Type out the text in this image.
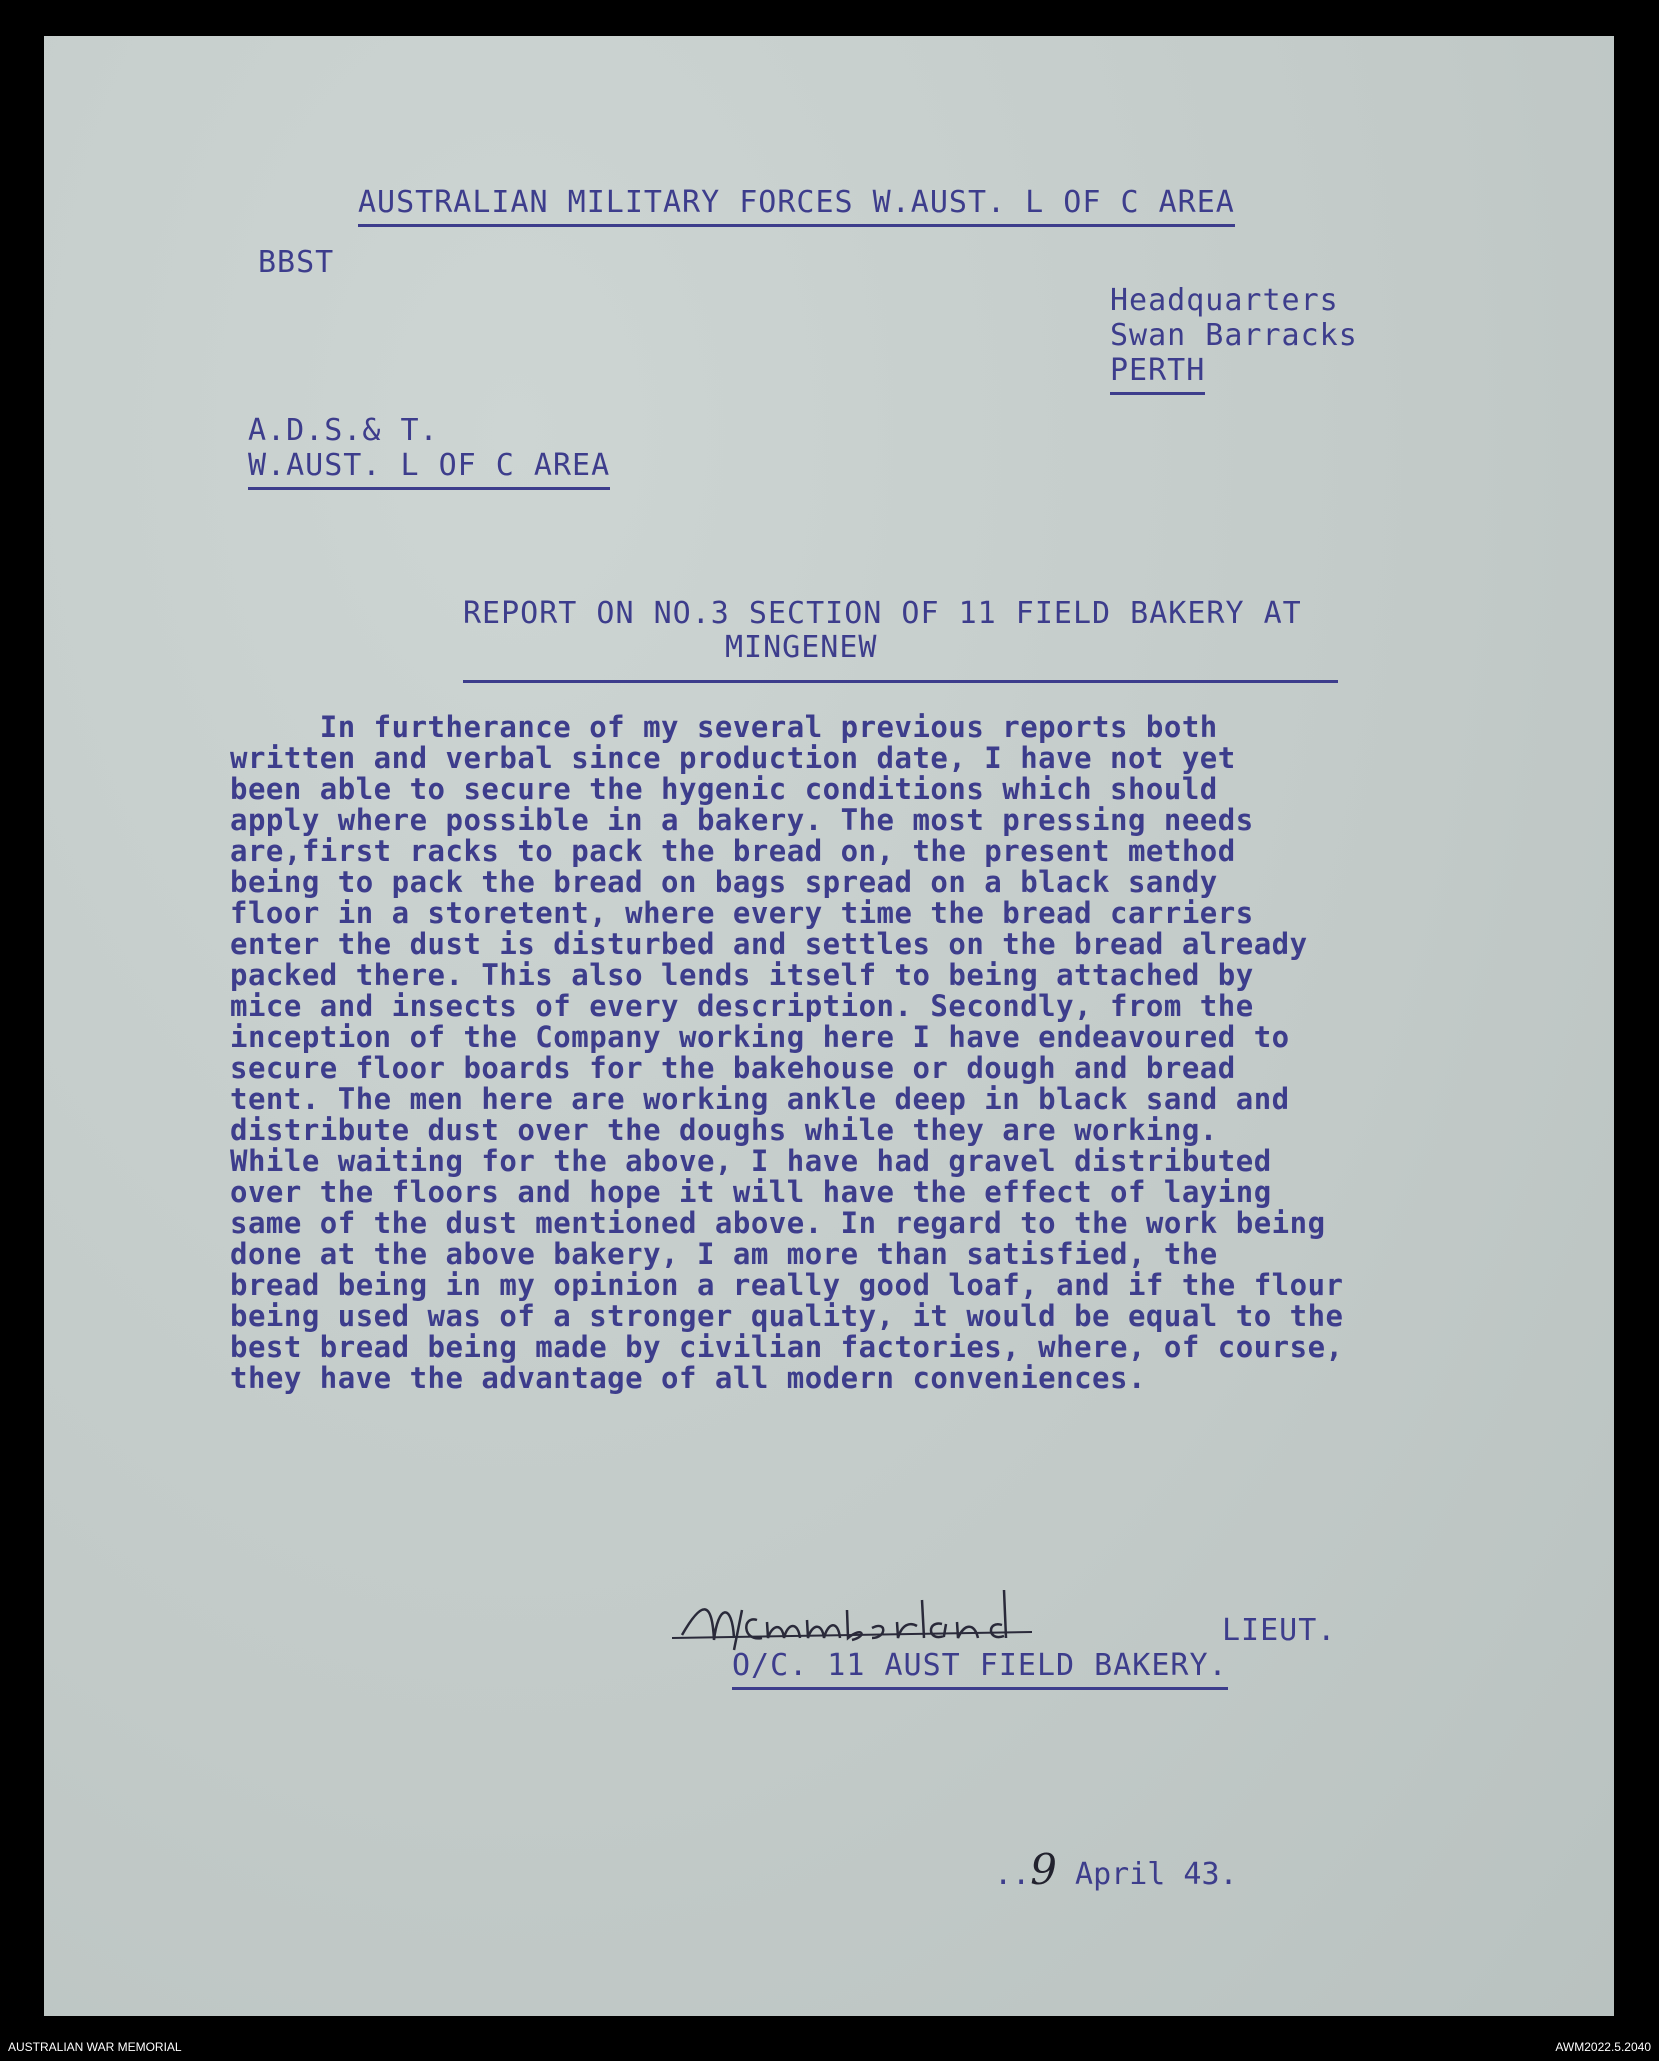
AUSTRALIAN MILITARY FORCES W.AUST. L OF C AREA
BBST
Headquarters
Swan Barracks
PERTH
A.D.S.& T.
W.AUST. L OF C AREA
REPORT ON NO.3 SECTION OF 11 FIELD BAKERY AT
MINGENEW
In furtherance of my several previous reports both
written and verbal since production date, I have not yet
been able to secure the hygenic conditions which should
apply where possible in a bakery. The most pressing needs
are,first racks to pack the bread on, the present method
being to pack the bread on bags spread on a black sandy
floor in a storetent, where every time the bread carriers
enter the dust is disturbed and settles on the bread already
packed there. This also lends itself to being attached by
mice and insects of every description. Secondly, from the
inception of the Company working here I have endeavoured to
secure floor boards for the bakehouse or dough and bread
tent. The men here are working ankle deep in black sand and
distribute dust over the doughs while they are working.
While waiting for the above, I have had gravel distributed
over the floors and hope it will have the effect of laying
same of the dust mentioned above. In regard to the work being
done at the above bakery, I am more than satisfied, the
bread being in my opinion a really good loaf, and if the flour
being used was of a stronger quality, it would be equal to the
best bread being made by civilian factories, where, of course,
they have the advantage of all modern conveniences.
LIEUT.
O/C. 11 AUST FIELD BAKERY.

..9 April 43.

AUSTRALIAN WAR MEMORIAL	AWM2022.5.2040
